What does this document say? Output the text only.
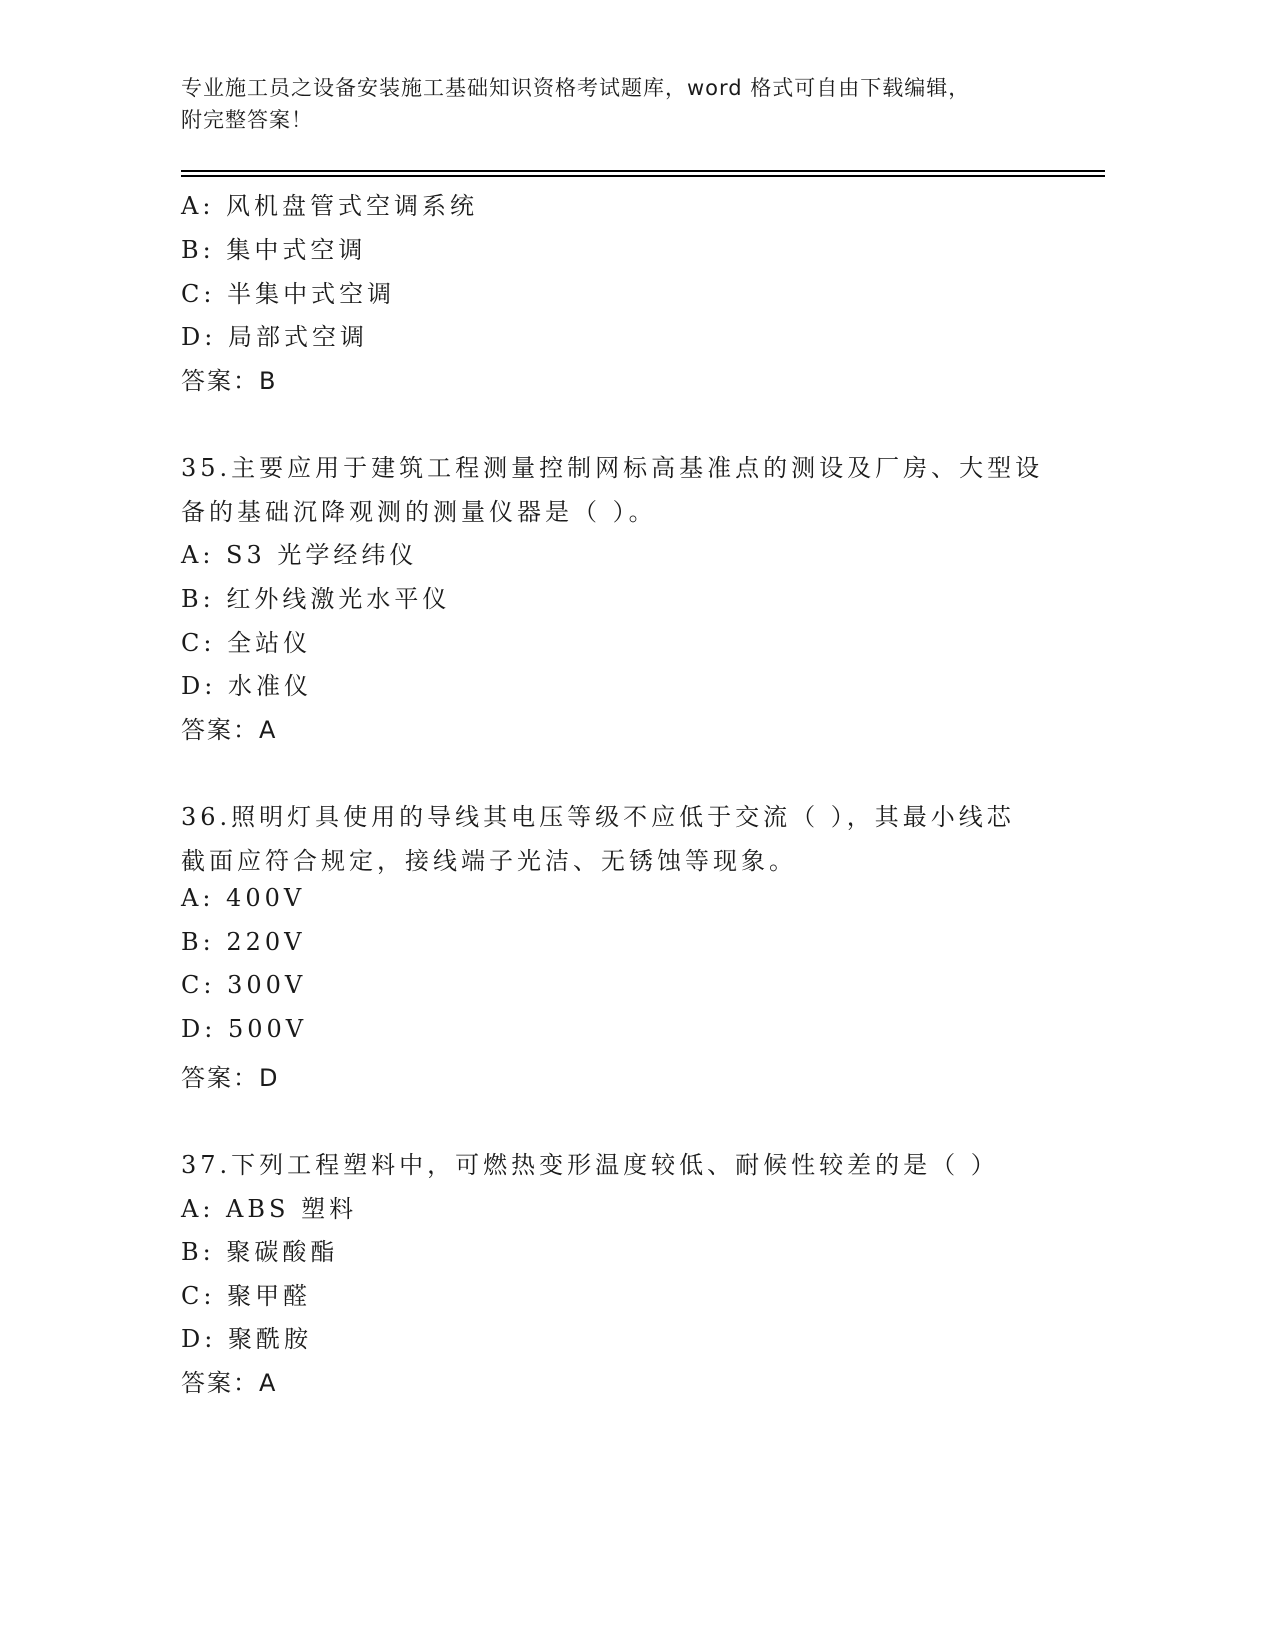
专业施工员之设备安装施工基础知识资格考试题库，word 格式可自由下载编辑，
附完整答案！
A: 风机盘管式空调系统
B: 集中式空调
C: 半集中式空调
D: 局部式空调
答案：B
35.主要应用于建筑工程测量控制网标高基准点的测设及厂房、大型设
备的基础沉降观测的测量仪器是（ ）。
A: S3 光学经纬仪
B: 红外线激光水平仪
C: 全站仪
D: 水准仪
答案：A
36.照明灯具使用的导线其电压等级不应低于交流（ ），其最小线芯
截面应符合规定，接线端子光洁、无锈蚀等现象。
A: 400V
B: 220V
C: 300V
D: 500V
答案：D
37.下列工程塑料中，可燃热变形温度较低、耐候性较差的是（ ）
A: ABS 塑料
B: 聚碳酸酯
C: 聚甲醛
D: 聚酰胺
答案：A
